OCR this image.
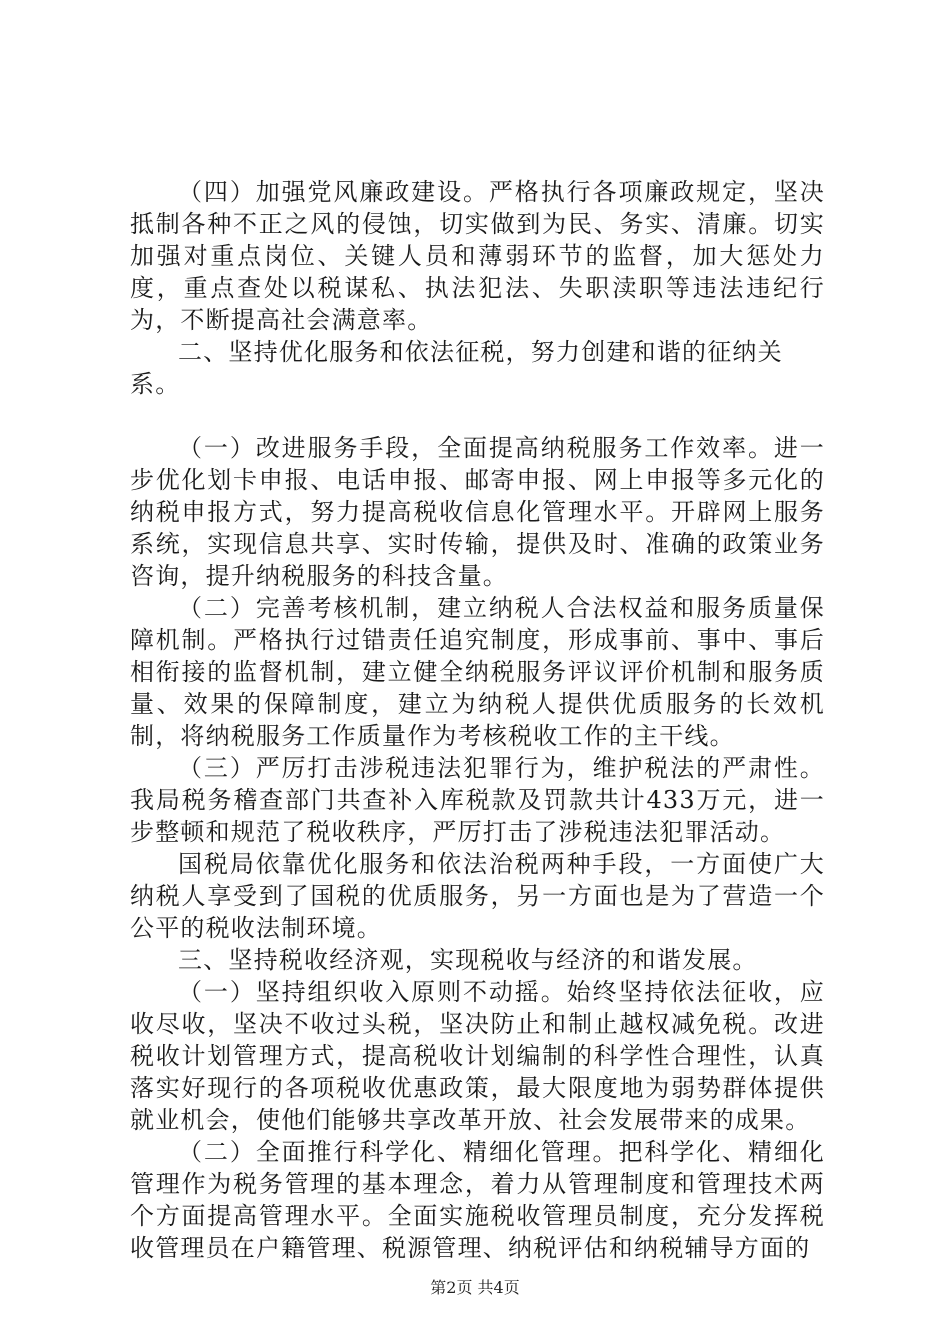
（四）加强党风廉政建设。严格执行各项廉政规定，坚决抵制各种不正之风的侵蚀，切实做到为民、务实、清廉。切实加强对重点岗位、关键人员和薄弱环节的监督，加大惩处力度，重点查处以税谋私、执法犯法、失职渎职等违法违纪行为，不断提高社会满意率。

二、坚持优化服务和依法征税，努力创建和谐的征纳关系。

（一）改进服务手段，全面提高纳税服务工作效率。进一步优化划卡申报、电话申报、邮寄申报、网上申报等多元化的纳税申报方式，努力提高税收信息化管理水平。开辟网上服务系统，实现信息共享、实时传输，提供及时、准确的政策业务咨询，提升纳税服务的科技含量。

（二）完善考核机制，建立纳税人合法权益和服务质量保障机制。严格执行过错责任追究制度，形成事前、事中、事后相衔接的监督机制，建立健全纳税服务评议评价机制和服务质量、效果的保障制度，建立为纳税人提供优质服务的长效机制，将纳税服务工作质量作为考核税收工作的主干线。

（三）严厉打击涉税违法犯罪行为，维护税法的严肃性。我局税务稽查部门共查补入库税款及罚款共计433万元，进一步整顿和规范了税收秩序，严厉打击了涉税违法犯罪活动。

国税局依靠优化服务和依法治税两种手段，一方面使广大纳税人享受到了国税的优质服务，另一方面也是为了营造一个公平的税收法制环境。

三、坚持税收经济观，实现税收与经济的和谐发展。

（一）坚持组织收入原则不动摇。始终坚持依法征收，应收尽收，坚决不收过头税，坚决防止和制止越权减免税。改进税收计划管理方式，提高税收计划编制的科学性合理性，认真落实好现行的各项税收优惠政策，最大限度地为弱势群体提供就业机会，使他们能够共享改革开放、社会发展带来的成果。

（二）全面推行科学化、精细化管理。把科学化、精细化管理作为税务管理的基本理念，着力从管理制度和管理技术两个方面提高管理水平。全面实施税收管理员制度，充分发挥税收管理员在户籍管理、税源管理、纳税评估和纳税辅导方面的

第2页 共4页
